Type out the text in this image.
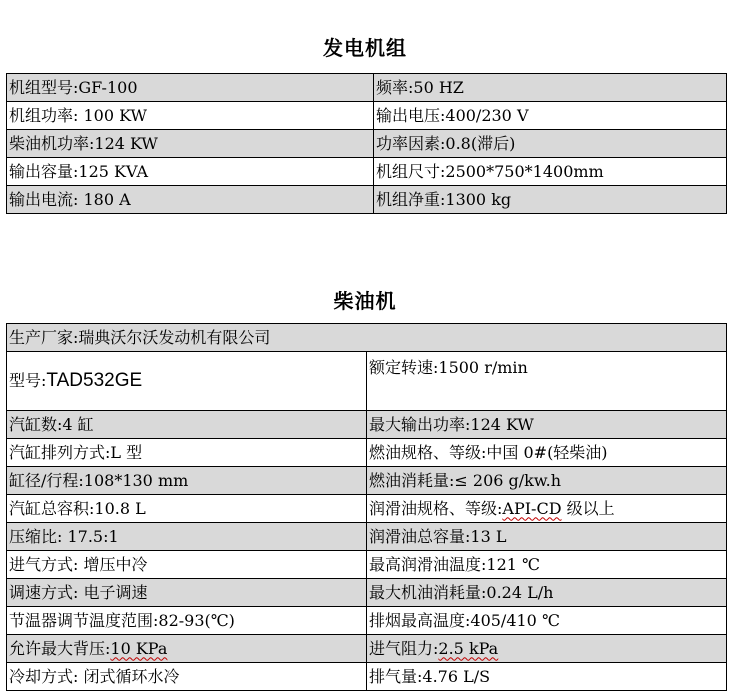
发电机组
机组型号:GF-100	频率:50 HZ
机组功率: 100 KW	输出电压:400/230 V
柴油机功率:124 KW	功率因素:0.8(滞后)
输出容量:125 KVA	机组尺寸:2500*750*1400mm
输出电流: 180 A	机组净重:1300 kg
柴油机
生产厂家:瑞典沃尔沃发动机有限公司	
型号:TAD532GE	额定转速:1500 r/min
汽缸数:4 缸	最大输出功率:124 KW
汽缸排列方式:L 型	燃油规格、等级:中国 0#(轻柴油)
缸径/行程:108*130 mm	燃油消耗量:≤ 206 g/kw.h
汽缸总容积:10.8 L	润滑油规格、等级:API-CD 级以上
压缩比: 17.5:1	润滑油总容量:13 L
进气方式: 增压中冷	最高润滑油温度:121 ℃
调速方式: 电子调速	最大机油消耗量:0.24 L/h
节温器调节温度范围:82-93(℃)	排烟最高温度:405/410 ℃
允许最大背压:10 KPa	进气阻力:2.5 kPa
冷却方式: 闭式循环水冷	排气量:4.76 L/S
